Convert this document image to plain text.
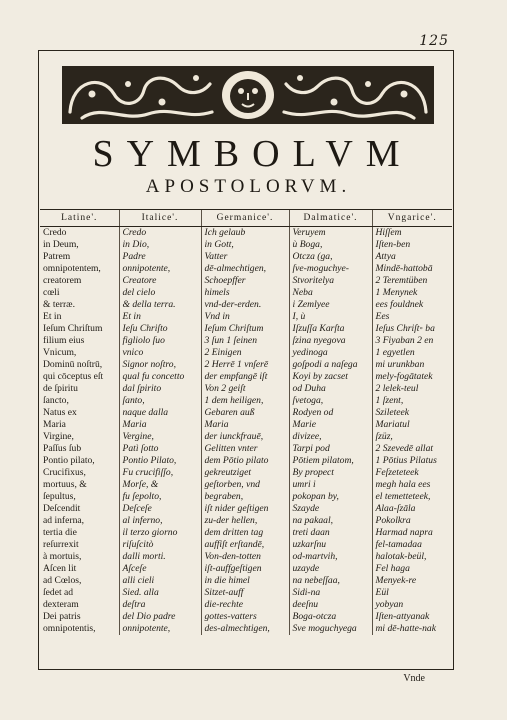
125
SYMBOLVM
APOSTOLORVM.
Latine'.	Italice'.	Germanice'.	Dalmatice'.	Vngarice'.
Credo	Credo	Ich gelaub	Veruyem	Hiſſem
in Deum,	in Dio,	in Gott,	ù Boga,	Iſten-ben
Patrem	Padre	Vatter	Otcza (ga,	Attya
omnipotentem,	onnipotente,	dē-almechtigen,	ſve-moguchye-	Mindē-hattobā
creatorem	Creatore	Schoepffer	Stvoritelya	2 Teremtüben
cœli	del cielo	himels	Neba	1 Menynek
& terræ.	& della terra.	vnd-der-erden.	i Zemlyee	ees fouldnek
Et in	Et in	Vnd in	I, ù	Ees
Ieſum Chriſtum	Ieſu Chriſto	Ieſum Chriſtum	Iſzuſſa Karſta	Ieſus Chriſt◦ ba
filium eius	figliolo ſuo	3 ſun 1 ſeinen	ſzina nyegova	3 Fiyaban 2 en
Vnicum,	vnico	2 Einigen	yedinoga	1 egyetlen
Dominū noſtrū,	Signor noſtro,	2 Herrē 1 vnſerē	goſpodi a naſega	mi urunkban
qui cōceptus eſt	qual fu concetto	der empfangē iſt	Koyi by zacset	mely-fogātatek
de ſpiritu	dal ſpirito	Von 2 geiſt	od Duha	2 lelek-teul
ſancto,	ſanto,	1 dem heiligen,	ſvetoga,	1 ſzent,
Natus ex	naque dalla	Gebaren auß	Rodyen od	Szileteek
Maria	Maria	Maria	Marie	Mariatul
Virgine,	Vergine,	der iunckfrauē,	divizee,	ſzüz,
Paſſus ſub	Patì ſotto	Gelitten vnter	Tarpi pod	2 Szevedē allat
Pontio pilato,	Pontio Pilato,	dem Pōtio pilato	Pōtiem pilatom,	1 Pōtius Pilatus
Crucifixus,	Fu crucifiſſo,	gekreutziget	By propect	Feſzeteteek
mortuus, &	Morſe, &	geſtorben, vnd	umri i	megh hala ees
ſepultus,	fu ſepolto,	begraben,	pokopan by,	el temetteteek,
Deſcendit	Deſceſe	iſt nider geſtigen	Szayde	Alaa-ſzāla
ad inferna,	al inferno,	zu-der hellen,	na pakaal,	Pokolkra
tertia die	il terzo giorno	dem dritten tag	treti daan	Harmad napra
reſurrexit	riſuſcitò	auffiſt erſtandē,	uzkarſnu	fel-tamadaa
à mortuis,	dalli morti.	Von-den-totten	od-martvih,	halotak-beül,
Aſcen lit	Aſceſe	iſt-auffgeſtigen	uzayde	Fel haga
ad Cœlos,	alli cieli	in die himel	na nebeſſaa,	Menyek-re
ſedet ad	Sied. alla	Sitzet-auff	Sidi-na	Eül
dexteram	deſtra	die-rechte	deeſnu	yobyan
Dei patris	del Dio padre	gottes-vatters	Boga-otcza	Iſten-attyanak
omnipotentis,	onnipotente,	des-almechtigen,	Sve moguchyega	mi dē-hatte-nak
Vnde
